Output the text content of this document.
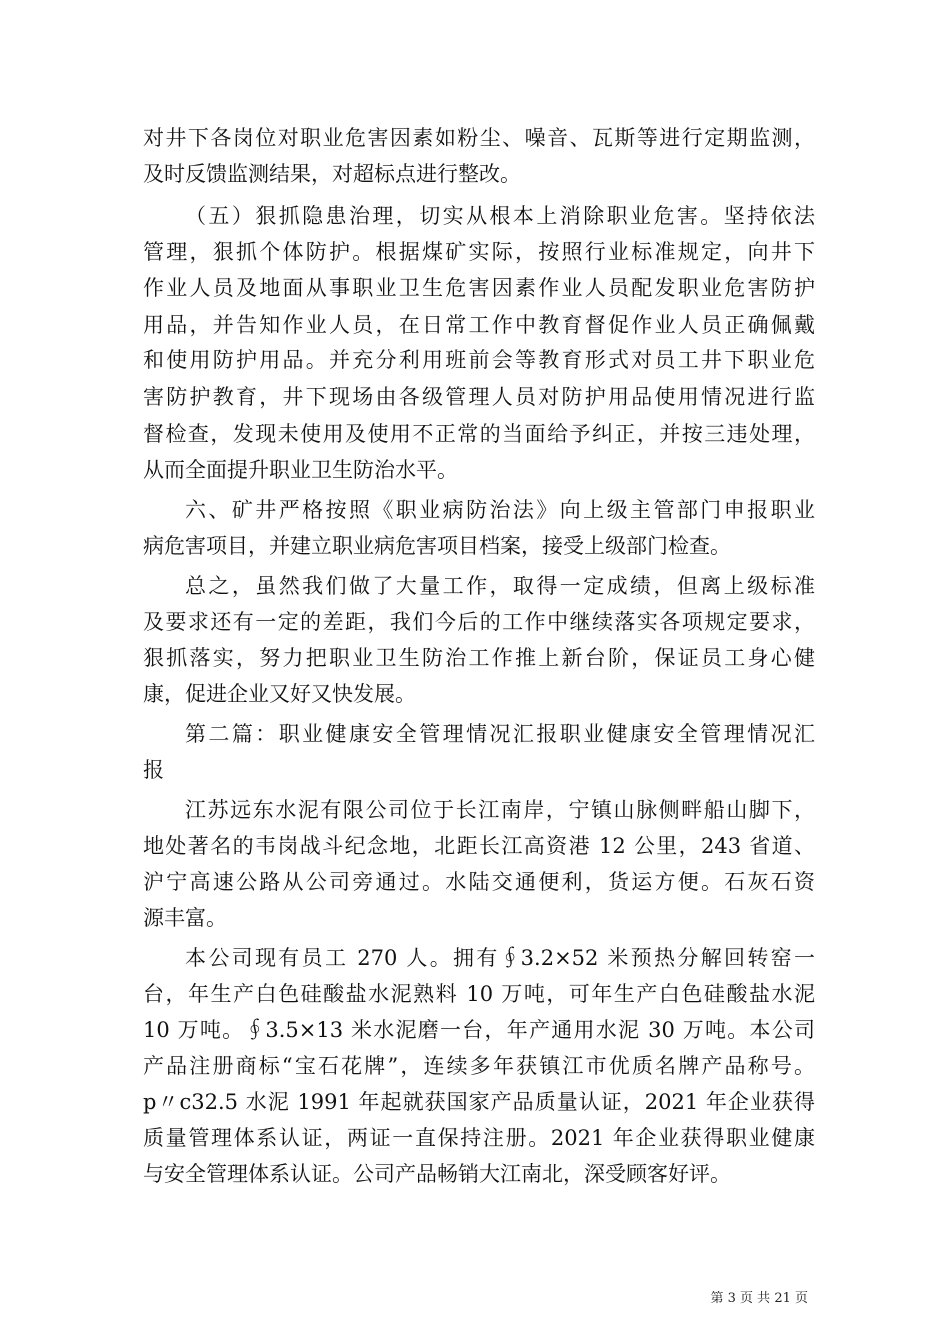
对井下各岗位对职业危害因素如粉尘、噪音、瓦斯等进行定期监测，
及时反馈监测结果，对超标点进行整改。
（五）狠抓隐患治理，切实从根本上消除职业危害。坚持依法
管理，狠抓个体防护。根据煤矿实际，按照行业标准规定，向井下
作业人员及地面从事职业卫生危害因素作业人员配发职业危害防护
用品，并告知作业人员，在日常工作中教育督促作业人员正确佩戴
和使用防护用品。并充分利用班前会等教育形式对员工井下职业危
害防护教育，井下现场由各级管理人员对防护用品使用情况进行监
督检查，发现未使用及使用不正常的当面给予纠正，并按三违处理，
从而全面提升职业卫生防治水平。
六、矿井严格按照《职业病防治法》向上级主管部门申报职业
病危害项目，并建立职业病危害项目档案，接受上级部门检查。
总之，虽然我们做了大量工作，取得一定成绩，但离上级标准
及要求还有一定的差距，我们今后的工作中继续落实各项规定要求，
狠抓落实，努力把职业卫生防治工作推上新台阶，保证员工身心健
康，促进企业又好又快发展。
第二篇：职业健康安全管理情况汇报职业健康安全管理情况汇
报
江苏远东水泥有限公司位于长江南岸，宁镇山脉侧畔船山脚下，
地处著名的韦岗战斗纪念地，北距长江高资港 12 公里，243 省道、
沪宁高速公路从公司旁通过。水陆交通便利，货运方便。石灰石资
源丰富。
本公司现有员工 270 人。拥有∮3.2×52 米预热分解回转窑一
台，年生产白色硅酸盐水泥熟料 10 万吨，可年生产白色硅酸盐水泥
10 万吨。∮3.5×13 米水泥磨一台，年产通用水泥 30 万吨。本公司
产品注册商标“宝石花牌”，连续多年获镇江市优质名牌产品称号。
p〃c32.5 水泥 1991 年起就获国家产品质量认证，2021 年企业获得
质量管理体系认证，两证一直保持注册。2021 年企业获得职业健康
与安全管理体系认证。公司产品畅销大江南北，深受顾客好评。
第 3 页 共 21 页
